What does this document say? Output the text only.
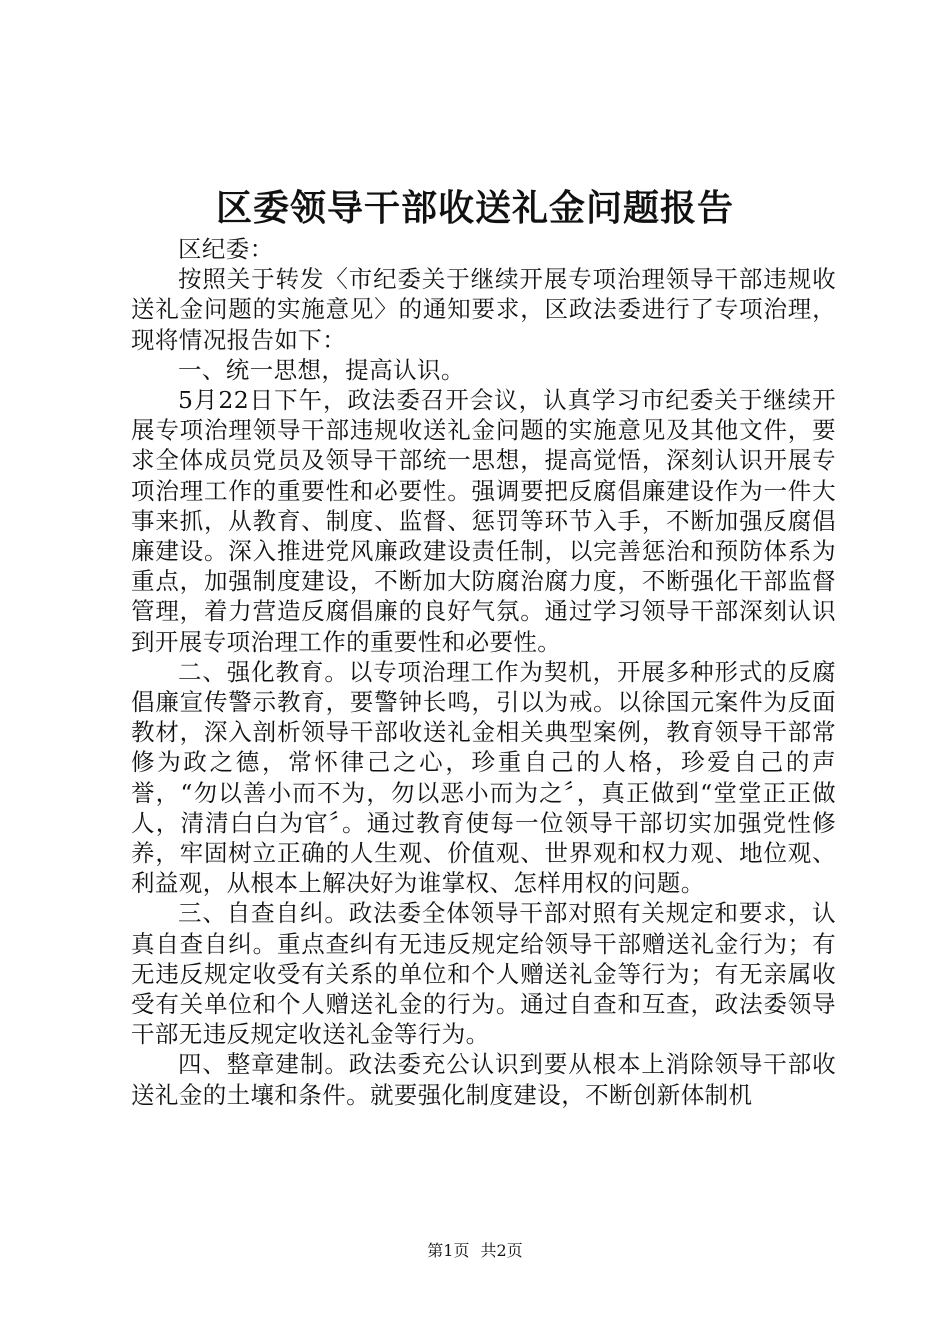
区委领导干部收送礼金问题报告

区纪委：

按照关于转发〈市纪委关于继续开展专项治理领导干部违规收送礼金问题的实施意见〉的通知要求，区政法委进行了专项治理，现将情况报告如下：

一、统一思想，提高认识。

5月22日下午，政法委召开会议，认真学习市纪委关于继续开展专项治理领导干部违规收送礼金问题的实施意见及其他文件，要求全体成员党员及领导干部统一思想，提高觉悟，深刻认识开展专项治理工作的重要性和必要性。强调要把反腐倡廉建设作为一件大事来抓，从教育、制度、监督、惩罚等环节入手，不断加强反腐倡廉建设。深入推进党风廉政建设责任制，以完善惩治和预防体系为重点，加强制度建设，不断加大防腐治腐力度，不断强化干部监督管理，着力营造反腐倡廉的良好气氛。通过学习领导干部深刻认识到开展专项治理工作的重要性和必要性。

二、强化教育。以专项治理工作为契机，开展多种形式的反腐倡廉宣传警示教育，要警钟长鸣，引以为戒。以徐国元案件为反面教材，深入剖析领导干部收送礼金相关典型案例，教育领导干部常修为政之德，常怀律己之心，珍重自己的人格，珍爱自己的声誉，“勿以善小而不为，勿以恶小而为之〞，真正做到“堂堂正正做人，清清白白为官〞。通过教育使每一位领导干部切实加强党性修养，牢固树立正确的人生观、价值观、世界观和权力观、地位观、利益观，从根本上解决好为谁掌权、怎样用权的问题。

三、自查自纠。政法委全体领导干部对照有关规定和要求，认真自查自纠。重点查纠有无违反规定给领导干部赠送礼金行为；有无违反规定收受有关系的单位和个人赠送礼金等行为；有无亲属收受有关单位和个人赠送礼金的行为。通过自查和互查，政法委领导干部无违反规定收送礼金等行为。

四、整章建制。政法委充公认识到要从根本上消除领导干部收送礼金的土壤和条件。就要强化制度建设，不断创新体制机

第1页 共2页
